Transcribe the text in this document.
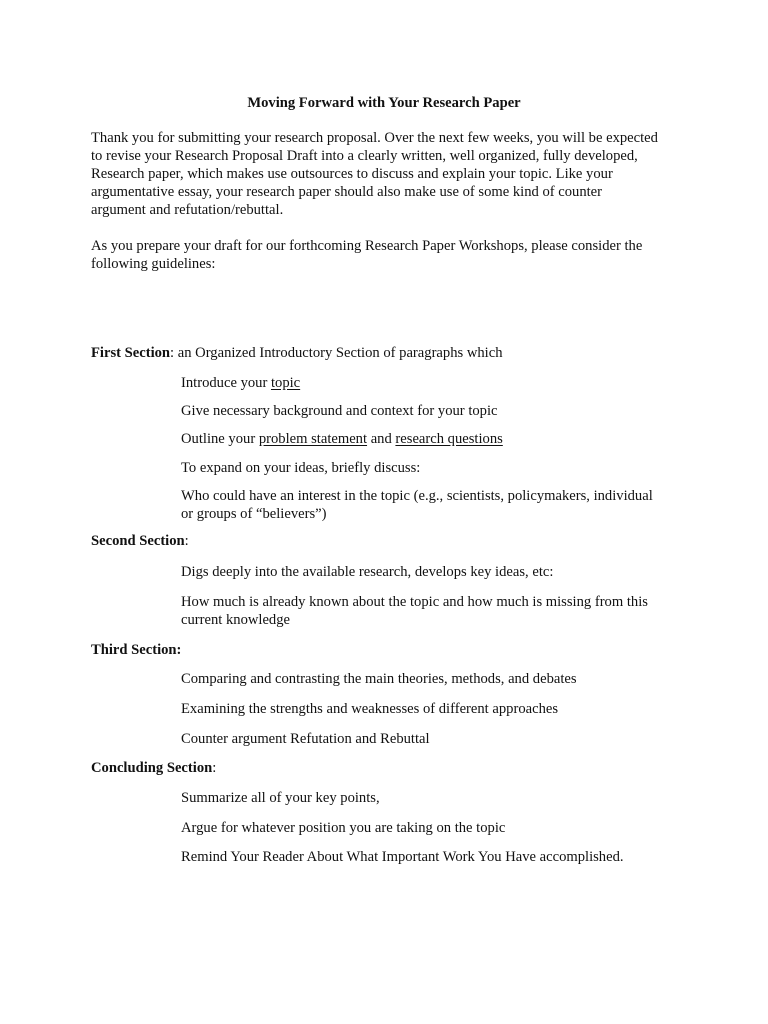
Moving Forward with Your Research Paper
Thank you for submitting your research proposal. Over the next few weeks, you will be expected
to revise your Research Proposal Draft into a clearly written, well organized, fully developed,
Research paper, which makes use outsources to discuss and explain your topic. Like your
argumentative essay, your research paper should also make use of some kind of counter
argument and refutation/rebuttal.
As you prepare your draft for our forthcoming Research Paper Workshops, please consider the
following guidelines:
First Section: an Organized Introductory Section of paragraphs which
Introduce your topic
Give necessary background and context for your topic
Outline your problem statement and research questions
To expand on your ideas, briefly discuss:
Who could have an interest in the topic (e.g., scientists, policymakers, individual
or groups of “believers”)
Second Section:
Digs deeply into the available research, develops key ideas, etc:
How much is already known about the topic and how much is missing from this
current knowledge
Third Section:
Comparing and contrasting the main theories, methods, and debates
Examining the strengths and weaknesses of different approaches
Counter argument Refutation and Rebuttal
Concluding Section:
Summarize all of your key points,
Argue for whatever position you are taking on the topic
Remind Your Reader About What Important Work You Have accomplished.
